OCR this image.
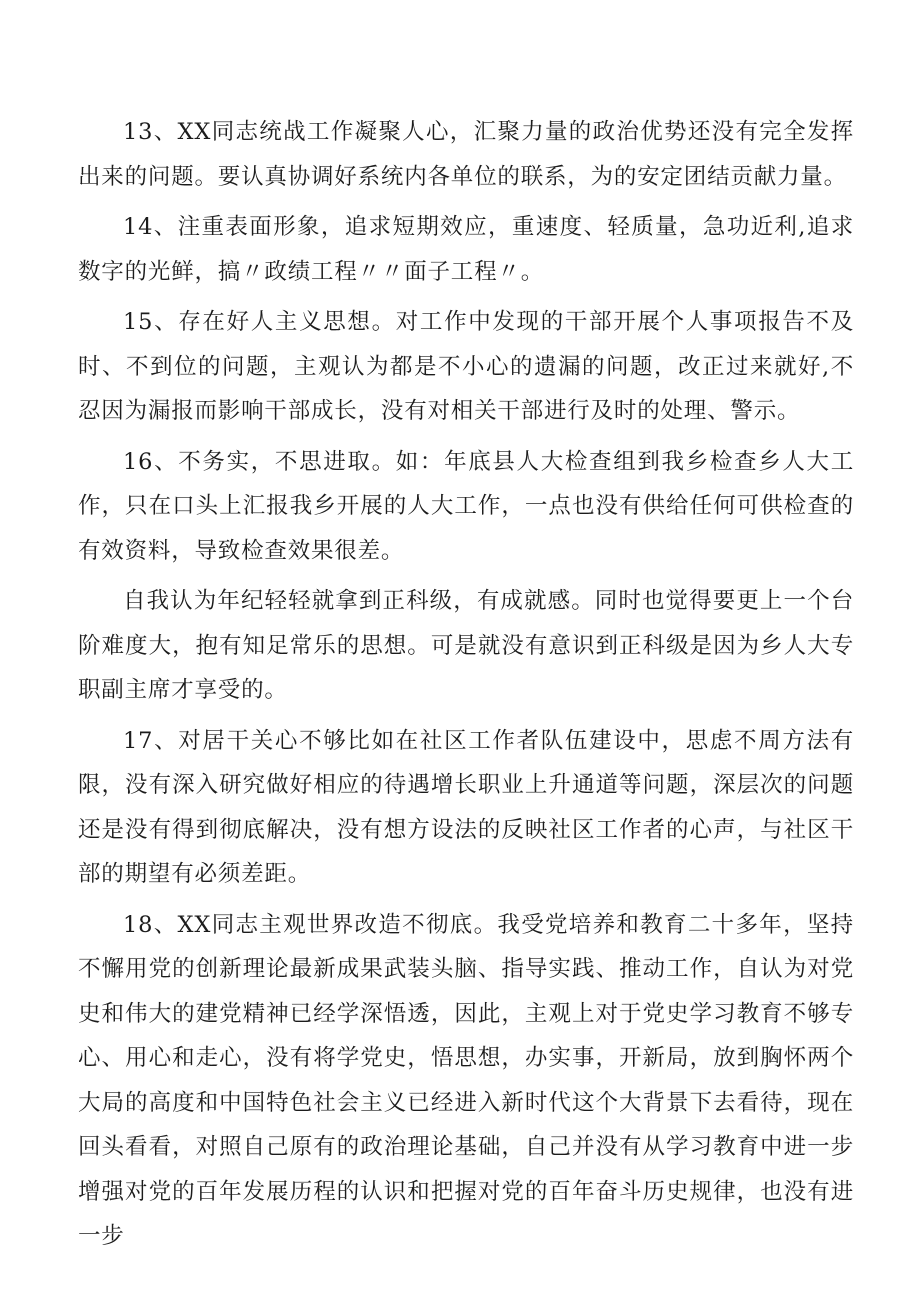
13、XX同志统战工作凝聚人心，汇聚力量的政治优势还没有完全发挥出来的问题。要认真协调好系统内各单位的联系，为的安定团结贡献力量。

14、注重表面形象，追求短期效应，重速度、轻质量，急功近利,追求数字的光鲜，搞〃政绩工程〃〃面子工程〃。

15、存在好人主义思想。对工作中发现的干部开展个人事项报告不及时、不到位的问题，主观认为都是不小心的遗漏的问题，改正过来就好,不忍因为漏报而影响干部成长，没有对相关干部进行及时的处理、警示。

16、不务实，不思进取。如：年底县人大检查组到我乡检查乡人大工作，只在口头上汇报我乡开展的人大工作，一点也没有供给任何可供检查的有效资料，导致检查效果很差。

自我认为年纪轻轻就拿到正科级，有成就感。同时也觉得要更上一个台阶难度大，抱有知足常乐的思想。可是就没有意识到正科级是因为乡人大专职副主席才享受的。

17、对居干关心不够比如在社区工作者队伍建设中，思虑不周方法有限，没有深入研究做好相应的待遇增长职业上升通道等问题，深层次的问题还是没有得到彻底解决，没有想方设法的反映社区工作者的心声，与社区干部的期望有必须差距。

18、XX同志主观世界改造不彻底。我受党培养和教育二十多年，坚持不懈用党的创新理论最新成果武装头脑、指导实践、推动工作，自认为对党史和伟大的建党精神已经学深悟透，因此，主观上对于党史学习教育不够专心、用心和走心，没有将学党史，悟思想，办实事，开新局，放到胸怀两个大局的高度和中国特色社会主义已经进入新时代这个大背景下去看待，现在回头看看，对照自己原有的政治理论基础，自己并没有从学习教育中进一步增强对党的百年发展历程的认识和把握对党的百年奋斗历史规律，也没有进一步
